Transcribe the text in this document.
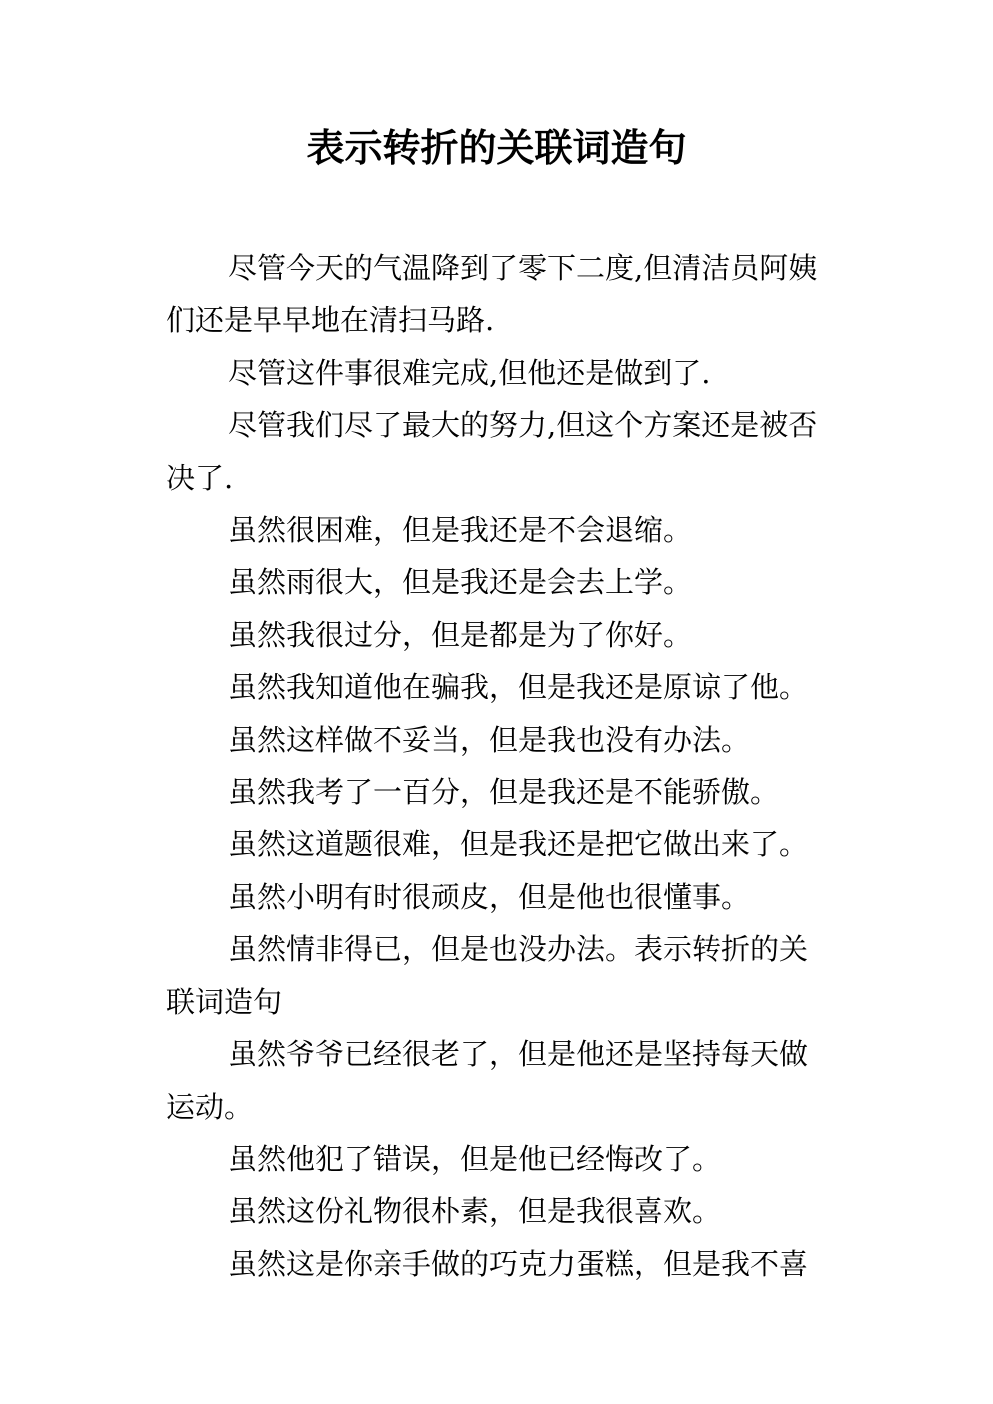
表示转折的关联词造句

尽管今天的气温降到了零下二度,但清洁员阿姨们还是早早地在清扫马路.

尽管这件事很难完成,但他还是做到了.

尽管我们尽了最大的努力,但这个方案还是被否决了.

虽然很困难，但是我还是不会退缩。

虽然雨很大，但是我还是会去上学。

虽然我很过分，但是都是为了你好。

虽然我知道他在骗我，但是我还是原谅了他。

虽然这样做不妥当，但是我也没有办法。

虽然我考了一百分，但是我还是不能骄傲。

虽然这道题很难，但是我还是把它做出来了。

虽然小明有时很顽皮，但是他也很懂事。

虽然情非得已，但是也没办法。表示转折的关联词造句

虽然爷爷已经很老了，但是他还是坚持每天做运动。

虽然他犯了错误，但是他已经悔改了。

虽然这份礼物很朴素，但是我很喜欢。

虽然这是你亲手做的巧克力蛋糕，但是我不喜
